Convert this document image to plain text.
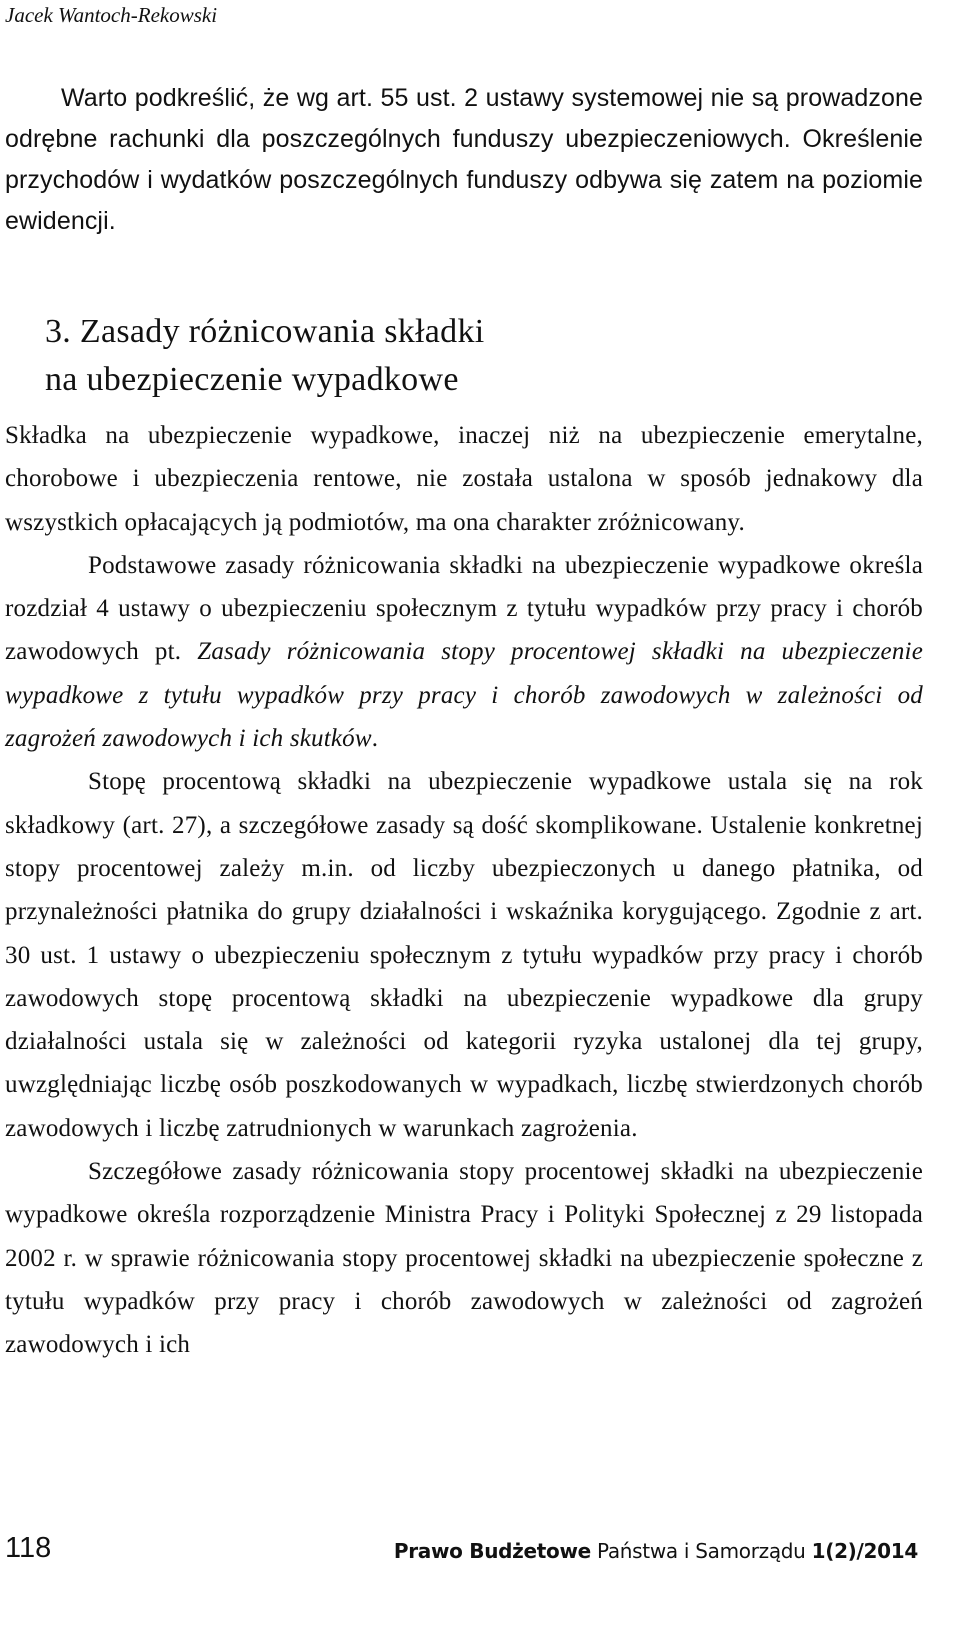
Jacek Wantoch-Rekowski

Warto podkreślić, że wg art. 55 ust. 2 ustawy systemowej nie są prowadzone odrębne rachunki dla poszczególnych funduszy ubezpieczeniowych. Określenie przychodów i wydatków poszczególnych funduszy odbywa się zatem na poziomie ewidencji.

3. Zasady różnicowania składki
na ubezpieczenie wypadkowe

Składka na ubezpieczenie wypadkowe, inaczej niż na ubezpieczenie emerytalne, chorobowe i ubezpieczenia rentowe, nie została ustalona w sposób jednakowy dla wszystkich opłacających ją podmiotów, ma ona charakter zróżnicowany.

Podstawowe zasady różnicowania składki na ubezpieczenie wypadkowe określa rozdział 4 ustawy o ubezpieczeniu społecznym z tytułu wypadków przy pracy i chorób zawodowych pt. Zasady różnicowania stopy procentowej składki na ubezpieczenie wypadkowe z tytułu wypadków przy pracy i chorób zawodowych w zależności od zagrożeń zawodowych i ich skutków.

Stopę procentową składki na ubezpieczenie wypadkowe ustala się na rok składkowy (art. 27), a szczegółowe zasady są dość skomplikowane. Ustalenie konkretnej stopy procentowej zależy m.in. od liczby ubezpieczonych u danego płatnika, od przynależności płatnika do grupy działalności i wskaźnika korygującego. Zgodnie z art. 30 ust. 1 ustawy o ubezpieczeniu społecznym z tytułu wypadków przy pracy i chorób zawodowych stopę procentową składki na ubezpieczenie wypadkowe dla grupy działalności ustala się w zależności od kategorii ryzyka ustalonej dla tej grupy, uwzględniając liczbę osób poszkodowanych w wypadkach, liczbę stwierdzonych chorób zawodowych i liczbę zatrudnionych w warunkach zagrożenia.

Szczegółowe zasady różnicowania stopy procentowej składki na ubezpieczenie wypadkowe określa rozporządzenie Ministra Pracy i Polityki Społecznej z 29 listopada 2002 r. w sprawie różnicowania stopy procentowej składki na ubezpieczenie społeczne z tytułu wypadków przy pracy i chorób zawodowych w zależności od zagrożeń zawodowych i ich

118	Prawo Budżetowe Państwa i Samorządu 1(2)/2014
